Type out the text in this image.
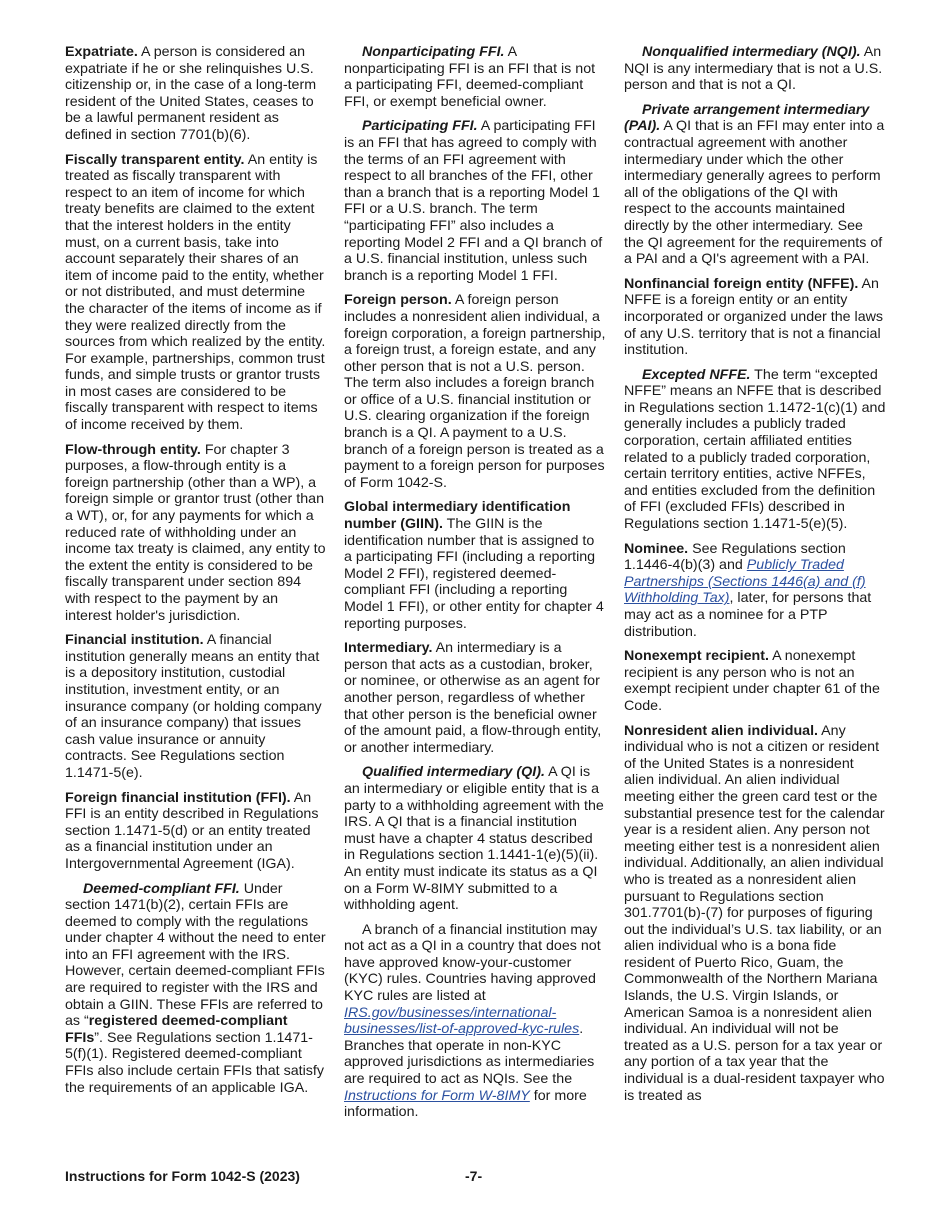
Expatriate. A person is considered an expatriate if he or she relinquishes U.S. citizenship or, in the case of a long-term resident of the United States, ceases to be a lawful permanent resident as defined in section 7701(b)(6).

Fiscally transparent entity. An entity is treated as fiscally transparent with respect to an item of income for which treaty benefits are claimed to the extent that the interest holders in the entity must, on a current basis, take into account separately their shares of an item of income paid to the entity, whether or not distributed, and must determine the character of the items of income as if they were realized directly from the sources from which realized by the entity. For example, partnerships, common trust funds, and simple trusts or grantor trusts in most cases are considered to be fiscally transparent with respect to items of income received by them.

Flow-through entity. For chapter 3 purposes, a flow-through entity is a foreign partnership (other than a WP), a foreign simple or grantor trust (other than a WT), or, for any payments for which a reduced rate of withholding under an income tax treaty is claimed, any entity to the extent the entity is considered to be fiscally transparent under section 894 with respect to the payment by an interest holder's jurisdiction.

Financial institution. A financial institution generally means an entity that is a depository institution, custodial institution, investment entity, or an insurance company (or holding company of an insurance company) that issues cash value insurance or annuity contracts. See Regulations section 1.1471-5(e).

Foreign financial institution (FFI). An FFI is an entity described in Regulations section 1.1471-5(d) or an entity treated as a financial institution under an Intergovernmental Agreement (IGA).

Deemed-compliant FFI. Under section 1471(b)(2), certain FFIs are deemed to comply with the regulations under chapter 4 without the need to enter into an FFI agreement with the IRS. However, certain deemed-compliant FFIs are required to register with the IRS and obtain a GIIN. These FFIs are referred to as “registered deemed-compliant FFIs”. See Regulations section 1.1471-5(f)(1). Registered deemed-compliant FFIs also include certain FFIs that satisfy the requirements of an applicable IGA.

Nonparticipating FFI. A nonparticipating FFI is an FFI that is not a participating FFI, deemed-compliant FFI, or exempt beneficial owner.

Participating FFI. A participating FFI is an FFI that has agreed to comply with the terms of an FFI agreement with respect to all branches of the FFI, other than a branch that is a reporting Model 1 FFI or a U.S. branch. The term “participating FFI” also includes a reporting Model 2 FFI and a QI branch of a U.S. financial institution, unless such branch is a reporting Model 1 FFI.

Foreign person. A foreign person includes a nonresident alien individual, a foreign corporation, a foreign partnership, a foreign trust, a foreign estate, and any other person that is not a U.S. person. The term also includes a foreign branch or office of a U.S. financial institution or U.S. clearing organization if the foreign branch is a QI. A payment to a U.S. branch of a foreign person is treated as a payment to a foreign person for purposes of Form 1042-S.

Global intermediary identification number (GIIN). The GIIN is the identification number that is assigned to a participating FFI (including a reporting Model 2 FFI), registered deemed-compliant FFI (including a reporting Model 1 FFI), or other entity for chapter 4 reporting purposes.

Intermediary. An intermediary is a person that acts as a custodian, broker, or nominee, or otherwise as an agent for another person, regardless of whether that other person is the beneficial owner of the amount paid, a flow-through entity, or another intermediary.

Qualified intermediary (QI). A QI is an intermediary or eligible entity that is a party to a withholding agreement with the IRS. A QI that is a financial institution must have a chapter 4 status described in Regulations section 1.1441-1(e)(5)(ii). An entity must indicate its status as a QI on a Form W-8IMY submitted to a withholding agent.

A branch of a financial institution may not act as a QI in a country that does not have approved know-your-customer (KYC) rules. Countries having approved KYC rules are listed at IRS.gov/businesses/international-businesses/list-of-approved-kyc-rules. Branches that operate in non-KYC approved jurisdictions as intermediaries are required to act as NQIs. See the Instructions for Form W-8IMY for more information.

Nonqualified intermediary (NQI). An NQI is any intermediary that is not a U.S. person and that is not a QI.

Private arrangement intermediary (PAI). A QI that is an FFI may enter into a contractual agreement with another intermediary under which the other intermediary generally agrees to perform all of the obligations of the QI with respect to the accounts maintained directly by the other intermediary. See the QI agreement for the requirements of a PAI and a QI's agreement with a PAI.

Nonfinancial foreign entity (NFFE). An NFFE is a foreign entity or an entity incorporated or organized under the laws of any U.S. territory that is not a financial institution.

Excepted NFFE. The term “excepted NFFE” means an NFFE that is described in Regulations section 1.1472-1(c)(1) and generally includes a publicly traded corporation, certain affiliated entities related to a publicly traded corporation, certain territory entities, active NFFEs, and entities excluded from the definition of FFI (excluded FFIs) described in Regulations section 1.1471-5(e)(5).

Nominee. See Regulations section 1.1446-4(b)(3) and Publicly Traded Partnerships (Sections 1446(a) and (f) Withholding Tax), later, for persons that may act as a nominee for a PTP distribution.

Nonexempt recipient. A nonexempt recipient is any person who is not an exempt recipient under chapter 61 of the Code.

Nonresident alien individual. Any individual who is not a citizen or resident of the United States is a nonresident alien individual. An alien individual meeting either the green card test or the substantial presence test for the calendar year is a resident alien. Any person not meeting either test is a nonresident alien individual. Additionally, an alien individual who is treated as a nonresident alien pursuant to Regulations section 301.7701(b)-(7) for purposes of figuring out the individual’s U.S. tax liability, or an alien individual who is a bona fide resident of Puerto Rico, Guam, the Commonwealth of the Northern Mariana Islands, the U.S. Virgin Islands, or American Samoa is a nonresident alien individual. An individual will not be treated as a U.S. person for a tax year or any portion of a tax year that the individual is a dual-resident taxpayer who is treated as

Instructions for Form 1042-S (2023)	-7-
